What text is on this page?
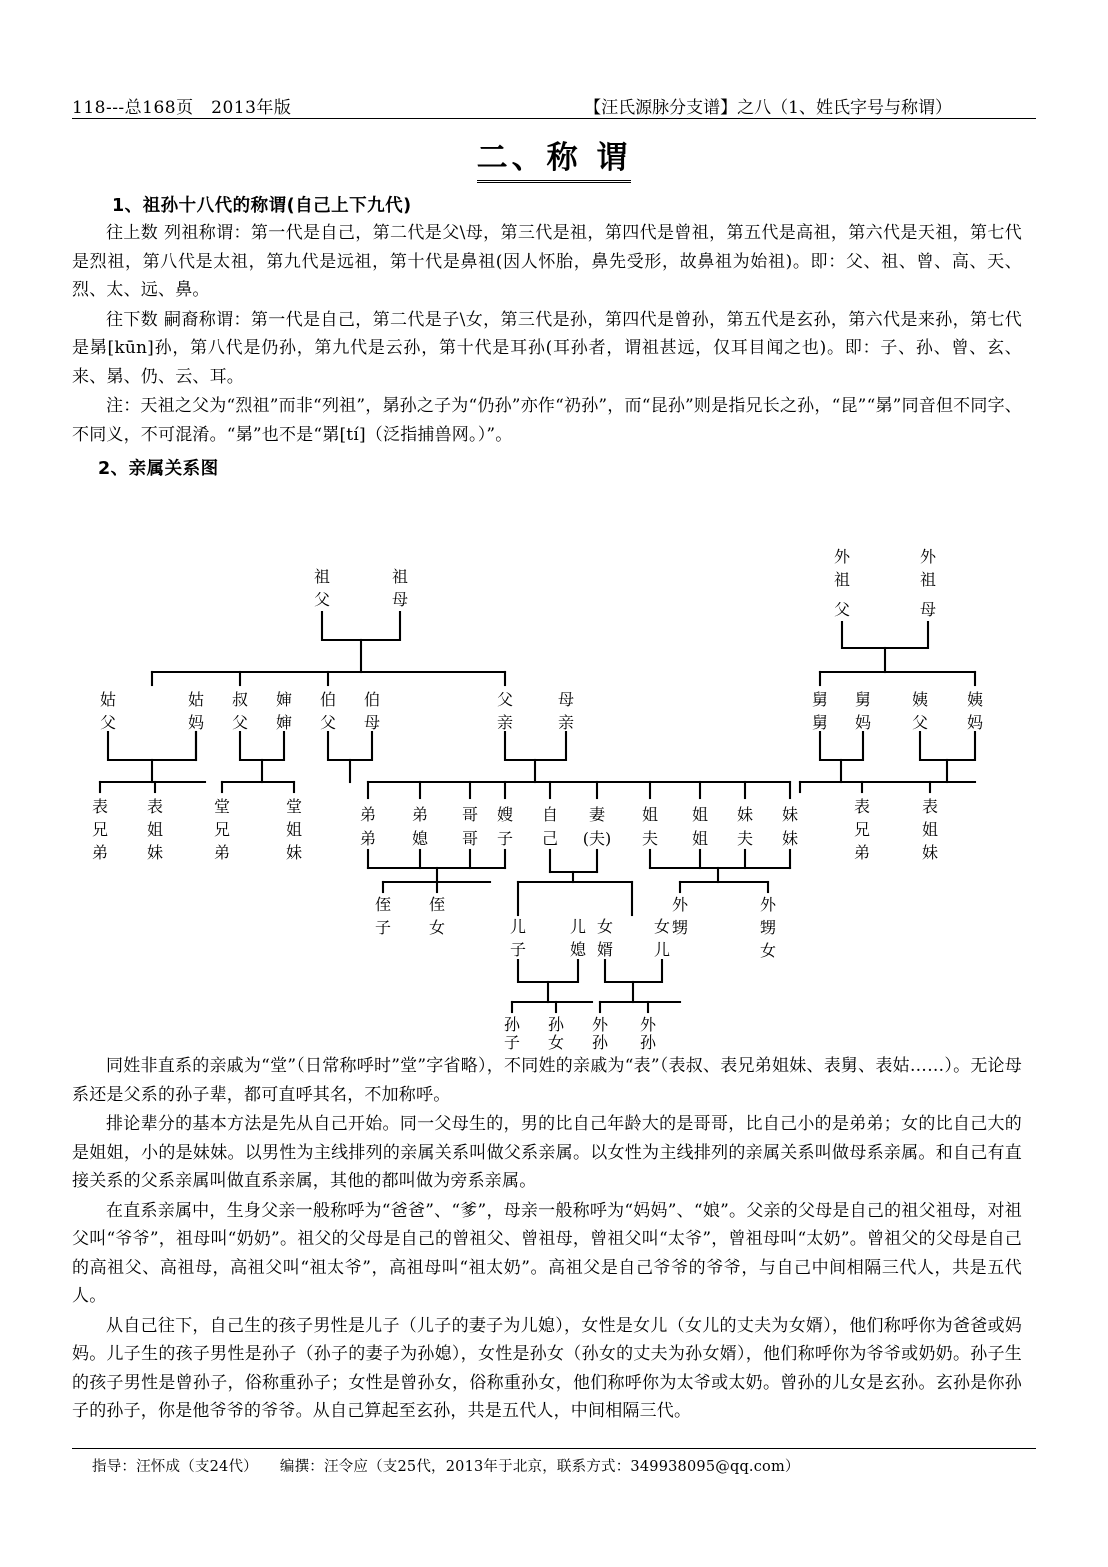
118---总168页　2013年版	【汪氏源脉分支谱】之八（1、姓氏字号与称谓）
二、称 谓
1、祖孙十八代的称谓(自己上下九代)

往上数 列祖称谓：第一代是自己，第二代是父\母，第三代是祖，第四代是曾祖，第五代是高祖，第六代是天祖，第七代是烈祖，第八代是太祖，第九代是远祖，第十代是鼻祖(因人怀胎，鼻先受形，故鼻祖为始祖)。即：父、祖、曾、高、天、烈、太、远、鼻。

往下数 嗣裔称谓：第一代是自己，第二代是子\女，第三代是孙，第四代是曾孙，第五代是玄孙，第六代是来孙，第七代是晜[kūn]孙，第八代是仍孙，第九代是云孙，第十代是耳孙(耳孙者，谓祖甚远，仅耳目闻之也)。即：子、孙、曾、玄、来、晜、仍、云、耳。

注：天祖之父为“烈祖”而非“列祖”，晜孙之子为“仍孙”亦作“礽孙”，而“昆孙”则是指兄长之孙，“昆”“晜”同音但不同字、不同义，不可混淆。“晜”也不是“罤[tí]（泛指捕兽网。）”。

2、亲属关系图
祖
父
祖
母
外
祖
父
外
祖
母
姑
父
姑
妈
叔
父
婶
婶
伯
父
伯
母
父
亲
母
亲
舅
舅
舅
妈
姨
父
姨
妈
表
兄
弟
表
姐
妹
堂
兄
弟
堂
姐
妹
弟
弟
弟
媳
哥
哥
嫂
子
自
己
妻
(夫)
姐
夫
姐
姐
妹
夫
妹
妹
表
兄
弟
表
姐
妹
侄
子
侄
女	儿
子
儿
媳
女
婿
女
儿
外
甥
外
甥
女
孙
子
孙
女
外
孙
外
孙

同姓非直系的亲戚为“堂”（日常称呼时”堂”字省略），不同姓的亲戚为“表”（表叔、表兄弟姐妹、表舅、表姑……）。无论母系还是父系的孙子辈，都可直呼其名，不加称呼。

排论辈分的基本方法是先从自己开始。同一父母生的，男的比自己年龄大的是哥哥，比自己小的是弟弟；女的比自己大的是姐姐，小的是妹妹。以男性为主线排列的亲属关系叫做父系亲属。以女性为主线排列的亲属关系叫做母系亲属。和自己有直接关系的父系亲属叫做直系亲属，其他的都叫做为旁系亲属。

在直系亲属中，生身父亲一般称呼为“爸爸”、“爹”，母亲一般称呼为“妈妈”、“娘”。父亲的父母是自己的祖父祖母，对祖父叫“爷爷”，祖母叫“奶奶”。祖父的父母是自己的曾祖父、曾祖母，曾祖父叫“太爷”，曾祖母叫“太奶”。曾祖父的父母是自己的高祖父、高祖母，高祖父叫“祖太爷”，高祖母叫“祖太奶”。高祖父是自己爷爷的爷爷，与自己中间相隔三代人，共是五代人。

从自己往下，自己生的孩子男性是儿子（儿子的妻子为儿媳），女性是女儿（女儿的丈夫为女婿），他们称呼你为爸爸或妈妈。儿子生的孩子男性是孙子（孙子的妻子为孙媳），女性是孙女（孙女的丈夫为孙女婿），他们称呼你为爷爷或奶奶。孙子生的孩子男性是曾孙子，俗称重孙子；女性是曾孙女，俗称重孙女，他们称呼你为太爷或太奶。曾孙的儿女是玄孙。玄孙是你孙子的孙子，你是他爷爷的爷爷。从自己算起至玄孙，共是五代人，中间相隔三代。

指导：汪怀成（支24代） 编撰：汪令应（支25代，2013年于北京，联系方式：349938095@qq.com）
